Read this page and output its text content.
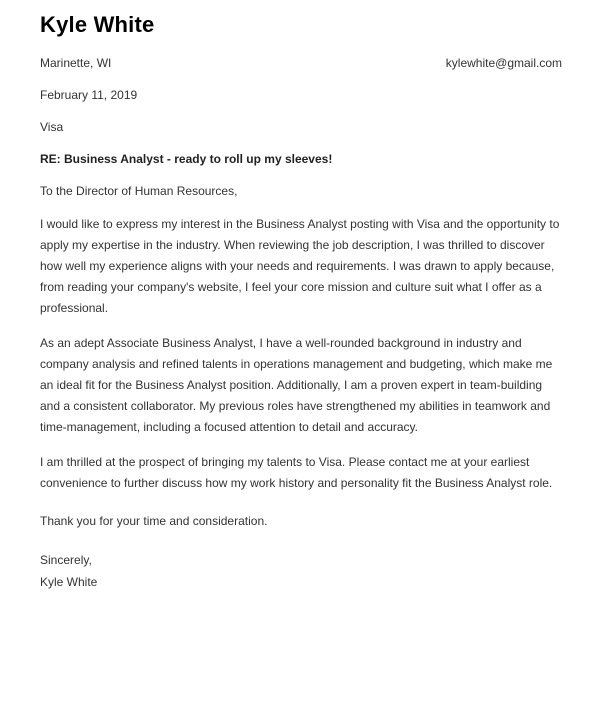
Kyle White
Marinette, WI	kylewhite@gmail.com
February 11, 2019
Visa
RE: Business Analyst - ready to roll up my sleeves!
To the Director of Human Resources,

I would like to express my interest in the Business Analyst posting with Visa and the opportunity to apply my expertise in the industry. When reviewing the job description, I was thrilled to discover how well my experience aligns with your needs and requirements. I was drawn to apply because, from reading your company's website, I feel your core mission and culture suit what I offer as a professional.

As an adept Associate Business Analyst, I have a well-rounded background in industry and company analysis and refined talents in operations management and budgeting, which make me an ideal fit for the Business Analyst position. Additionally, I am a proven expert in team-building and a consistent collaborator. My previous roles have strengthened my abilities in teamwork and time-management, including a focused attention to detail and accuracy.

I am thrilled at the prospect of bringing my talents to Visa. Please contact me at your earliest convenience to further discuss how my work history and personality fit the Business Analyst role.

Thank you for your time and consideration.
Sincerely,
Kyle White
